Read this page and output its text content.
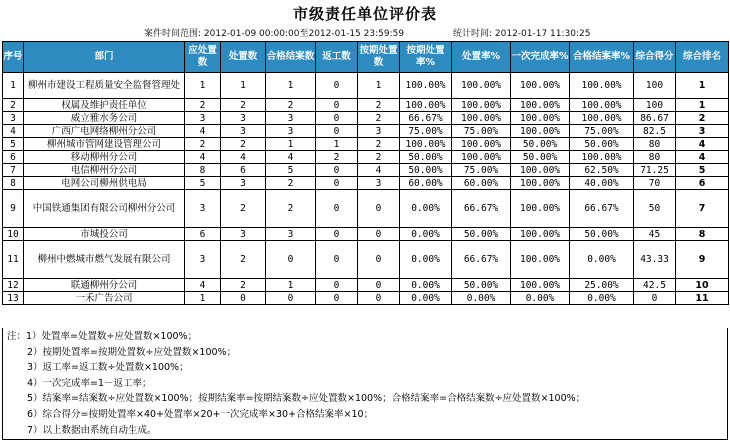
市级责任单位评价表
案件时间范围: 2012-01-09 00:00:00至2012-01-15 23:59:59	统计时间: 2012-01-17 11:30:25
序号	部门	应处置数	处置数	合格结案数	返工数	按期处置数	按期处置率%	处置率%	一次完成率%	合格结案率%	综合得分	综合排名
1	柳州市建设工程质量安全监督管理处	1	1	1	0	1	100.00%	100.00%	100.00%	100.00%	100	1
2	权属及维护责任单位	2	2	2	0	2	100.00%	100.00%	100.00%	100.00%	100	1
3	威立雅水务公司	3	3	3	0	2	66.67%	100.00%	100.00%	100.00%	86.67	2
4	广西广电网络柳州分公司	4	3	3	0	3	75.00%	75.00%	100.00%	75.00%	82.5	3
5	柳州城市管网建设管理公司	2	2	1	1	2	100.00%	100.00%	50.00%	50.00%	80	4
6	移动柳州分公司	4	4	4	2	2	50.00%	100.00%	50.00%	100.00%	80	4
7	电信柳州分公司	8	6	5	0	4	50.00%	75.00%	100.00%	62.50%	71.25	5
8	电网公司柳州供电局	5	3	2	0	3	60.00%	60.00%	100.00%	40.00%	70	6
9	中国铁通集团有限公司柳州分公司	3	2	2	0	0	0.00%	66.67%	100.00%	66.67%	50	7
10	市城投公司	6	3	3	0	0	0.00%	50.00%	100.00%	50.00%	45	8
11	柳州中燃城市燃气发展有限公司	3	2	0	0	0	0.00%	66.67%	100.00%	0.00%	43.33	9
12	联通柳州分公司	4	2	1	0	0	0.00%	50.00%	100.00%	25.00%	42.5	10
13	一禾广告公司	1	0	0	0	0	0.00%	0.00%	0.00%	0.00%	0	11
注：1）处置率=处置数÷应处置数×100%；
2）按期处置率=按期处置数÷应处置数×100%；
3）返工率=返工数÷处置数×100%；
4）一次完成率=1－返工率；
5）结案率=结案数÷应处置数×100%；按期结案率=按期结案数÷应处置数×100%；合格结案率=合格结案数÷应处置数×100%；
6）综合得分=按期处置率×40+处置率×20+一次完成率×30+合格结案率×10；
7）以上数据由系统自动生成。
